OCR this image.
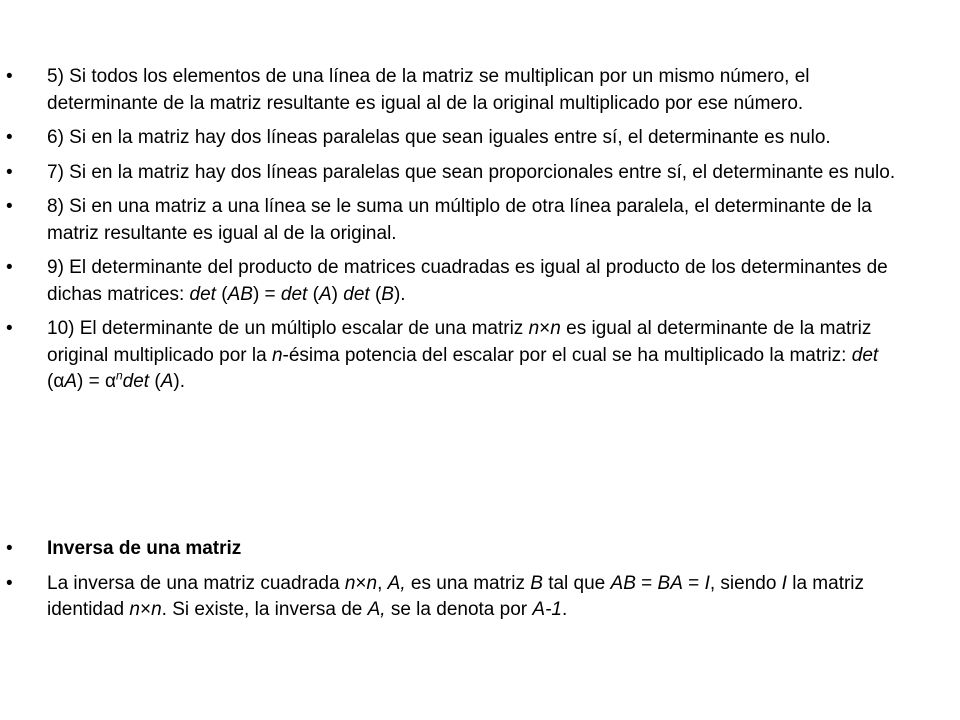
• 5) Si todos los elementos de una línea de la matriz se multiplican por un mismo número, el determinante de la matriz resultante es igual al de la original multiplicado por ese número.
• 6) Si en la matriz hay dos líneas paralelas que sean iguales entre sí, el determinante es nulo.
• 7) Si en la matriz hay dos líneas paralelas que sean proporcionales entre sí, el determinante es nulo.
• 8) Si en una matriz a una línea se le suma un múltiplo de otra línea paralela, el determinante de la matriz resultante es igual al de la original.
• 9) El determinante del producto de matrices cuadradas es igual al producto de los determinantes de dichas matrices: det (AB) = det (A) det (B).
• 10) El determinante de un múltiplo escalar de una matriz n×n es igual al determinante de la matriz original multiplicado por la n-ésima potencia del escalar por el cual se ha multiplicado la matriz: $\det (\alpha A) = \alpha^n\det$ (A).
• Inversa de una matriz
• La inversa de una matriz cuadrada n×n, A, es una matriz B tal que AB = BA = I, siendo I la matriz identidad n×n. Si existe, la inversa de A, se la denota por A-1.
